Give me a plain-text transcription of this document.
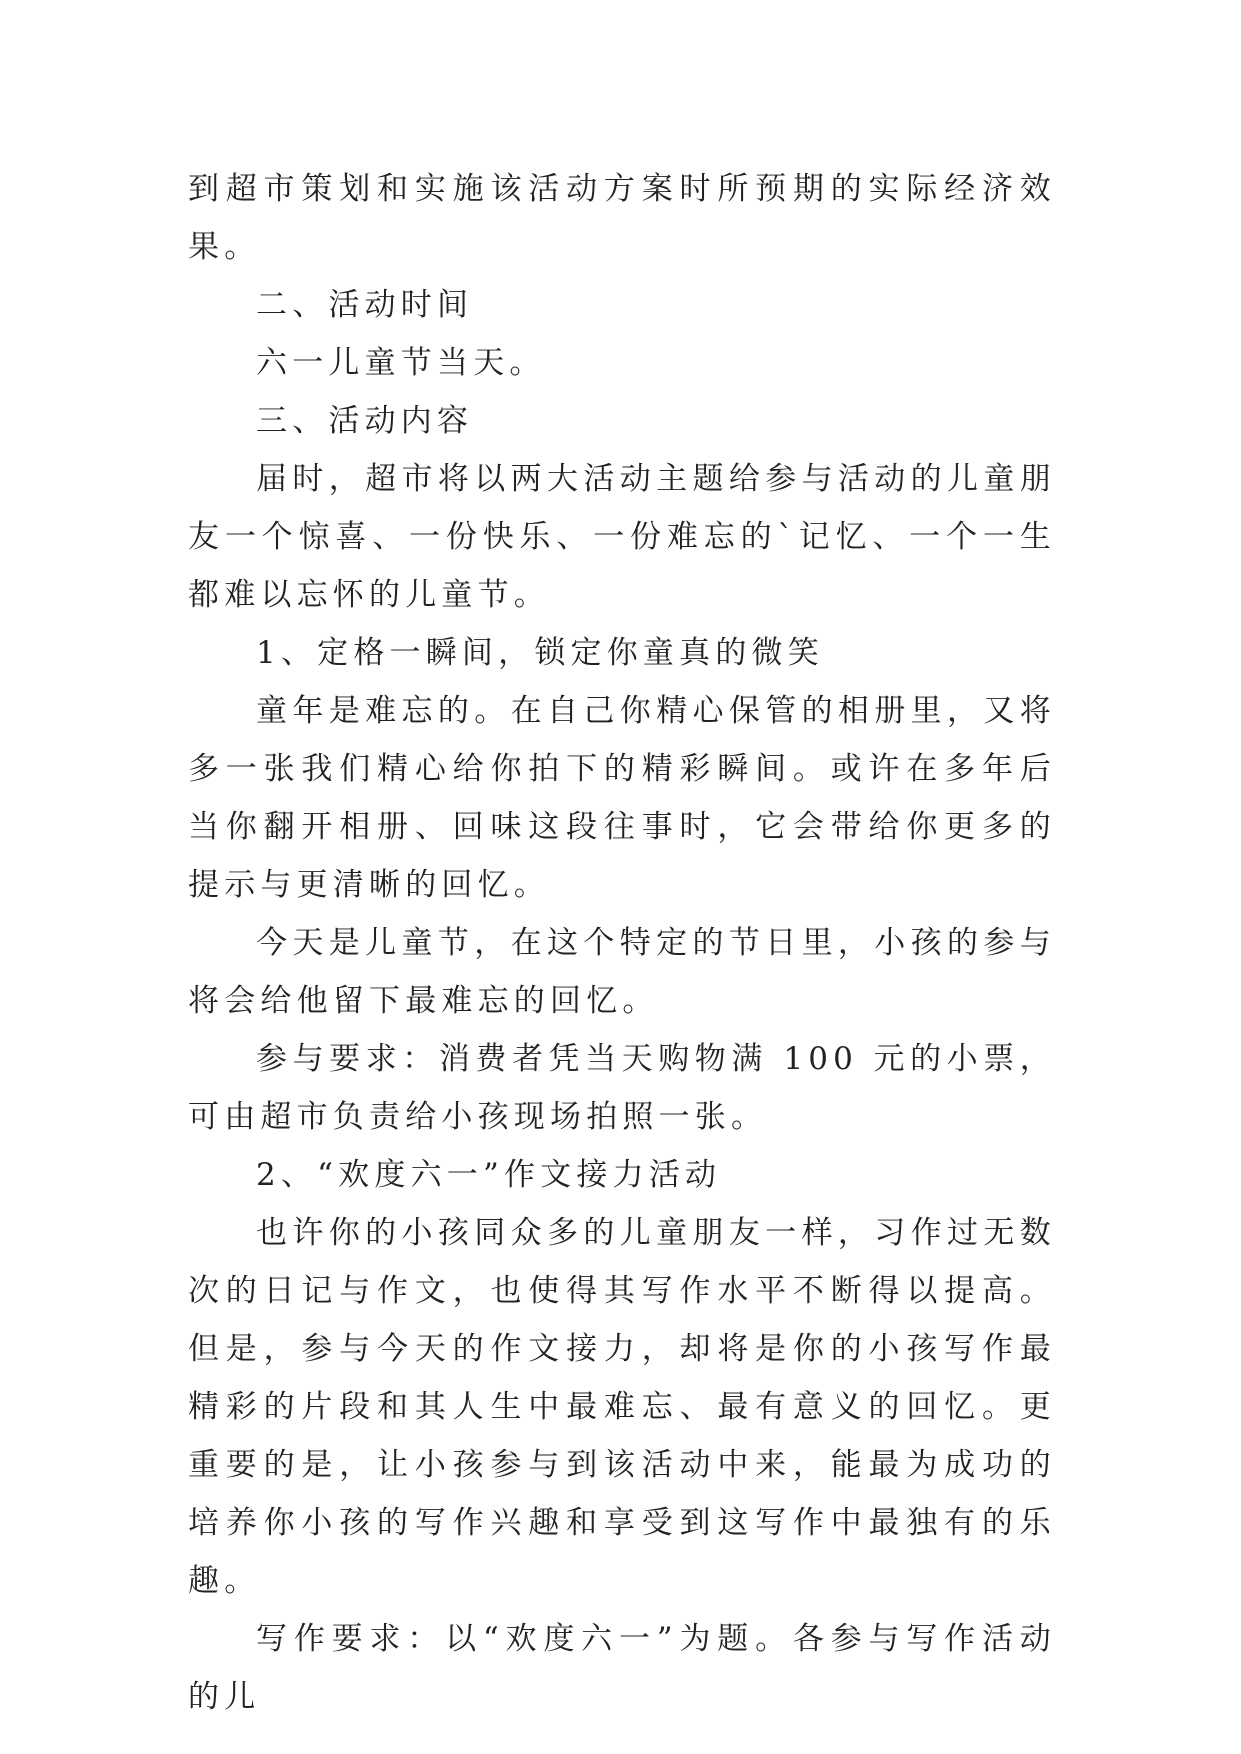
到超市策划和实施该活动方案时所预期的实际经济效果。

二、活动时间

六一儿童节当天。

三、活动内容

届时，超市将以两大活动主题给参与活动的儿童朋友一个惊喜、一份快乐、一份难忘的`记忆、一个一生都难以忘怀的儿童节。

1、定格一瞬间，锁定你童真的微笑

童年是难忘的。在自己你精心保管的相册里，又将多一张我们精心给你拍下的精彩瞬间。或许在多年后当你翻开相册、回味这段往事时，它会带给你更多的提示与更清晰的回忆。

今天是儿童节，在这个特定的节日里，小孩的参与将会给他留下最难忘的回忆。

参与要求：消费者凭当天购物满 100 元的小票，可由超市负责给小孩现场拍照一张。

2、“欢度六一”作文接力活动

也许你的小孩同众多的儿童朋友一样，习作过无数次的日记与作文，也使得其写作水平不断得以提高。但是，参与今天的作文接力，却将是你的小孩写作最精彩的片段和其人生中最难忘、最有意义的回忆。更重要的是，让小孩参与到该活动中来，能最为成功的培养你小孩的写作兴趣和享受到这写作中最独有的乐趣。

写作要求：以“欢度六一”为题。各参与写作活动的儿
